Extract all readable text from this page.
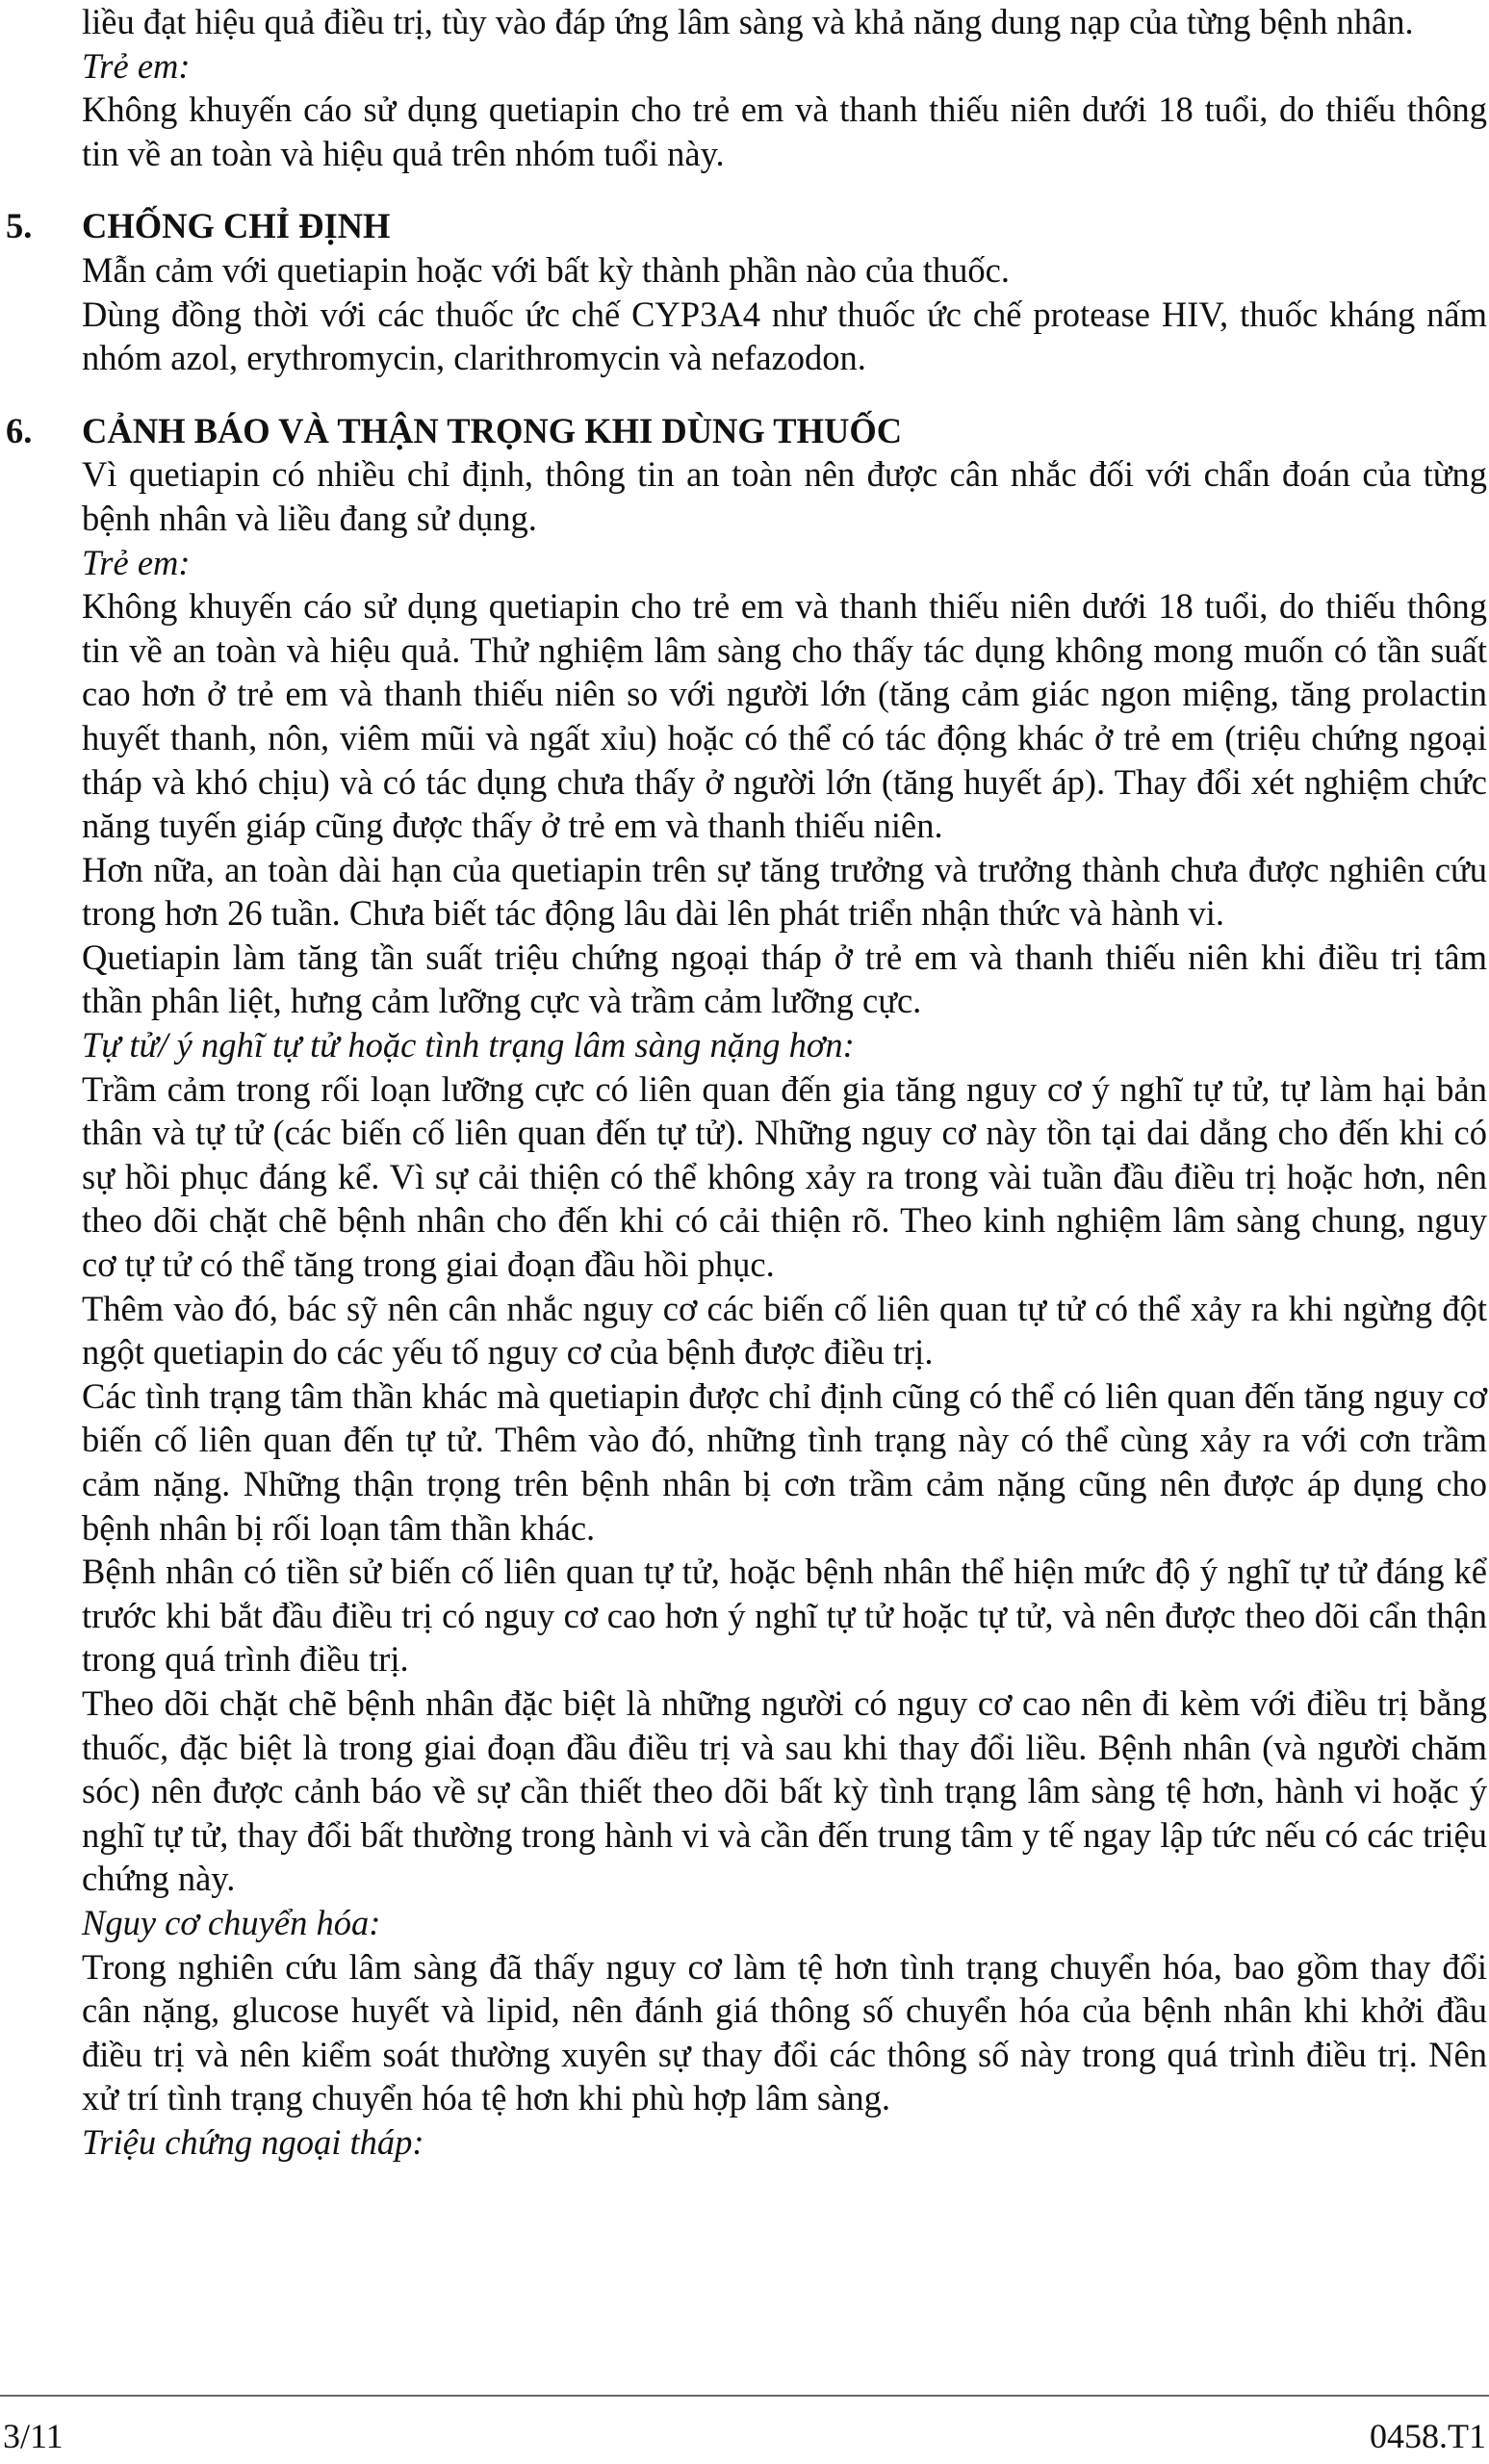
liều đạt hiệu quả điều trị, tùy vào đáp ứng lâm sàng và khả năng dung nạp của từng bệnh nhân.

Trẻ em:

Không khuyến cáo sử dụng quetiapin cho trẻ em và thanh thiếu niên dưới 18 tuổi, do thiếu thông tin về an toàn và hiệu quả trên nhóm tuổi này.

5. CHỐNG CHỈ ĐỊNH

Mẫn cảm với quetiapin hoặc với bất kỳ thành phần nào của thuốc.

Dùng đồng thời với các thuốc ức chế CYP3A4 như thuốc ức chế protease HIV, thuốc kháng nấm nhóm azol, erythromycin, clarithromycin và nefazodon.

6. CẢNH BÁO VÀ THẬN TRỌNG KHI DÙNG THUỐC

Vì quetiapin có nhiều chỉ định, thông tin an toàn nên được cân nhắc đối với chẩn đoán của từng bệnh nhân và liều đang sử dụng.

Trẻ em:

Không khuyến cáo sử dụng quetiapin cho trẻ em và thanh thiếu niên dưới 18 tuổi, do thiếu thông tin về an toàn và hiệu quả. Thử nghiệm lâm sàng cho thấy tác dụng không mong muốn có tần suất cao hơn ở trẻ em và thanh thiếu niên so với người lớn (tăng cảm giác ngon miệng, tăng prolactin huyết thanh, nôn, viêm mũi và ngất xỉu) hoặc có thể có tác động khác ở trẻ em (triệu chứng ngoại tháp và khó chịu) và có tác dụng chưa thấy ở người lớn (tăng huyết áp). Thay đổi xét nghiệm chức năng tuyến giáp cũng được thấy ở trẻ em và thanh thiếu niên.

Hơn nữa, an toàn dài hạn của quetiapin trên sự tăng trưởng và trưởng thành chưa được nghiên cứu trong hơn 26 tuần. Chưa biết tác động lâu dài lên phát triển nhận thức và hành vi.

Quetiapin làm tăng tần suất triệu chứng ngoại tháp ở trẻ em và thanh thiếu niên khi điều trị tâm thần phân liệt, hưng cảm lưỡng cực và trầm cảm lưỡng cực.

Tự tử/ ý nghĩ tự tử hoặc tình trạng lâm sàng nặng hơn:

Trầm cảm trong rối loạn lưỡng cực có liên quan đến gia tăng nguy cơ ý nghĩ tự tử, tự làm hại bản thân và tự tử (các biến cố liên quan đến tự tử). Những nguy cơ này tồn tại dai dẳng cho đến khi có sự hồi phục đáng kể. Vì sự cải thiện có thể không xảy ra trong vài tuần đầu điều trị hoặc hơn, nên theo dõi chặt chẽ bệnh nhân cho đến khi có cải thiện rõ. Theo kinh nghiệm lâm sàng chung, nguy cơ tự tử có thể tăng trong giai đoạn đầu hồi phục.

Thêm vào đó, bác sỹ nên cân nhắc nguy cơ các biến cố liên quan tự tử có thể xảy ra khi ngừng đột ngột quetiapin do các yếu tố nguy cơ của bệnh được điều trị.

Các tình trạng tâm thần khác mà quetiapin được chỉ định cũng có thể có liên quan đến tăng nguy cơ biến cố liên quan đến tự tử. Thêm vào đó, những tình trạng này có thể cùng xảy ra với cơn trầm cảm nặng. Những thận trọng trên bệnh nhân bị cơn trầm cảm nặng cũng nên được áp dụng cho bệnh nhân bị rối loạn tâm thần khác.

Bệnh nhân có tiền sử biến cố liên quan tự tử, hoặc bệnh nhân thể hiện mức độ ý nghĩ tự tử đáng kể trước khi bắt đầu điều trị có nguy cơ cao hơn ý nghĩ tự tử hoặc tự tử, và nên được theo dõi cẩn thận trong quá trình điều trị.

Theo dõi chặt chẽ bệnh nhân đặc biệt là những người có nguy cơ cao nên đi kèm với điều trị bằng thuốc, đặc biệt là trong giai đoạn đầu điều trị và sau khi thay đổi liều. Bệnh nhân (và người chăm sóc) nên được cảnh báo về sự cần thiết theo dõi bất kỳ tình trạng lâm sàng tệ hơn, hành vi hoặc ý nghĩ tự tử, thay đổi bất thường trong hành vi và cần đến trung tâm y tế ngay lập tức nếu có các triệu chứng này.

Nguy cơ chuyển hóa:

Trong nghiên cứu lâm sàng đã thấy nguy cơ làm tệ hơn tình trạng chuyển hóa, bao gồm thay đổi cân nặng, glucose huyết và lipid, nên đánh giá thông số chuyển hóa của bệnh nhân khi khởi đầu điều trị và nên kiểm soát thường xuyên sự thay đổi các thông số này trong quá trình điều trị. Nên xử trí tình trạng chuyển hóa tệ hơn khi phù hợp lâm sàng.

Triệu chứng ngoại tháp:

3/11	0458.T1
